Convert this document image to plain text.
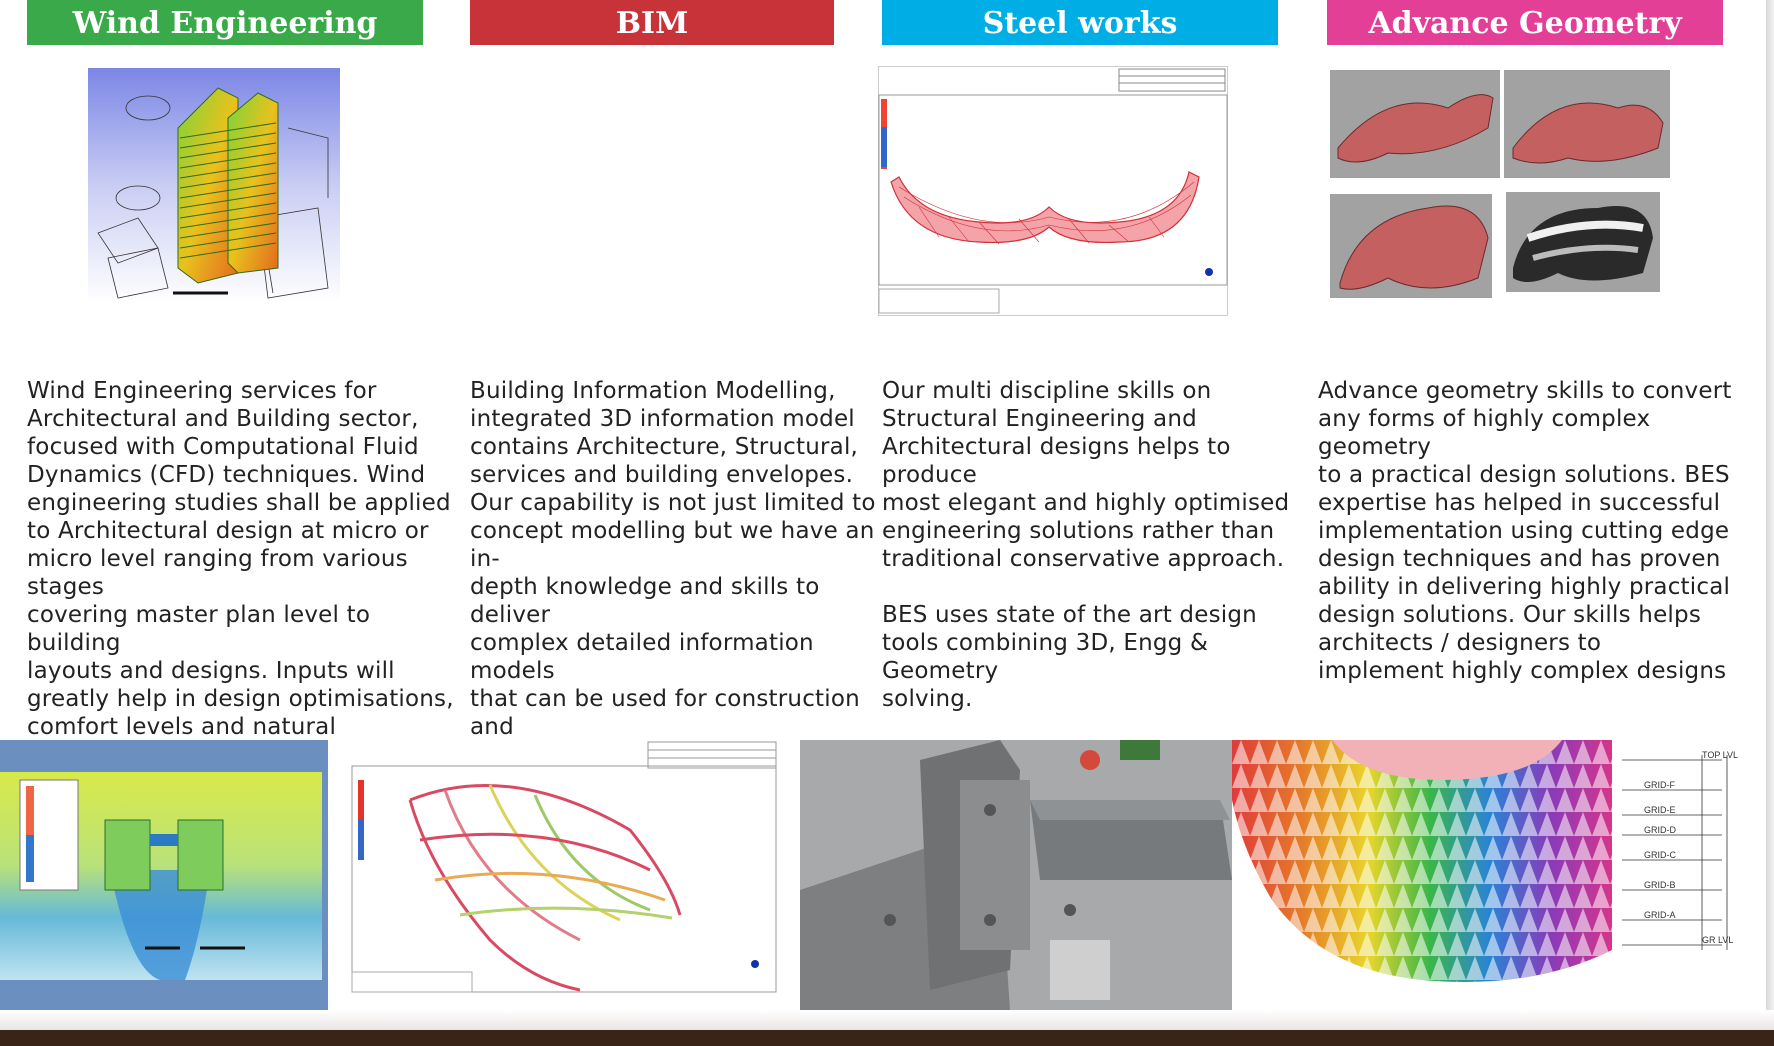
Wind Engineering	BIM	Steel works	Advance Geometry
Wind Engineering services for
Architectural and Building sector,
focused with Computational Fluid
Dynamics (CFD) techniques. Wind
engineering studies shall be applied
to Architectural design at micro or
micro level ranging from various
stages
covering master plan level to
building
layouts and designs. Inputs will
greatly help in design optimisations,
comfort levels and natural

Building Information Modelling,
integrated 3D information model
contains Architecture, Structural,
services and building envelopes.
Our capability is not just limited to
concept modelling but we have an
in-
depth knowledge and skills to
deliver
complex detailed information
models
that can be used for construction
and

Our multi discipline skills on
Structural Engineering and
Architectural designs helps to
produce
most elegant and highly optimised
engineering solutions rather than
traditional conservative approach.

BES uses state of the art design
tools combining 3D, Engg &
Geometry
solving.
Advance geometry skills to convert
any forms of highly complex
geometry
to a practical design solutions. BES
expertise has helped in successful
implementation using cutting edge
design techniques and has proven
ability in delivering highly practical
design solutions. Our skills helps
architects / designers to
implement highly complex designs
TOP LVL
GRID-F
GRID-E
GRID-D
GRID-C
GRID-B
GRID-A
GR LVL
